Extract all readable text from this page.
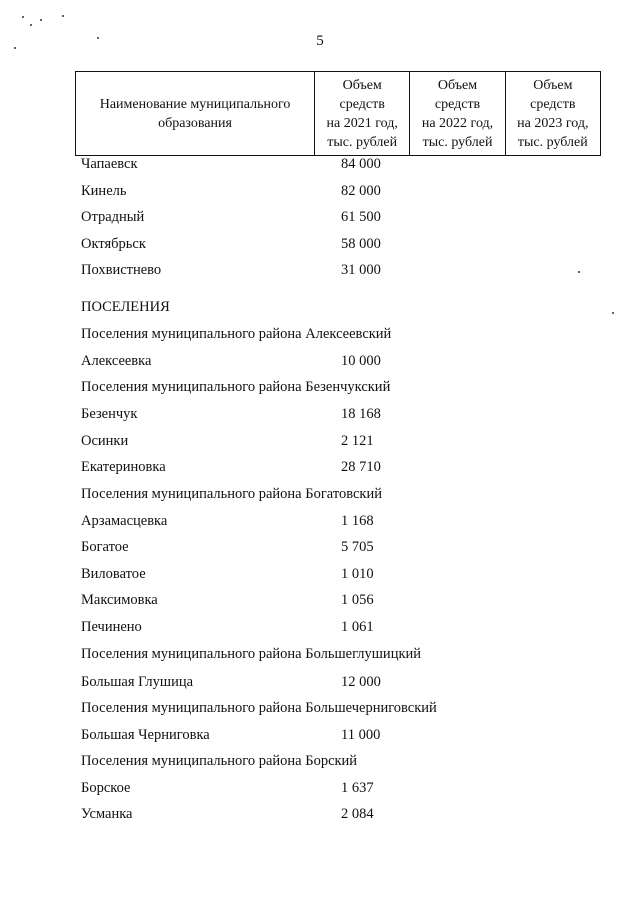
5
Наименование муниципального
образования

Объем
средств
на 2021 год,
тыс. рублей

Объем
средств
на 2022 год,
тыс. рублей

Объем
средств
на 2023 год,
тыс. рублей
Чапаевск	84 000
Кинель	82 000
Отрадный	61 500
Октябрьск	58 000
Похвистнево	31 000
ПОСЕЛЕНИЯ
Поселения муниципального района Алексеевский
Алексеевка	10 000
Поселения муниципального района Безенчукский
Безенчук	18 168
Осинки	2 121
Екатериновка	28 710
Поселения муниципального района Богатовский
Арзамасцевка	1 168
Богатое	5 705
Виловатое	1 010
Максимовка	1 056
Печинено	1 061
Поселения муниципального района Большеглушицкий
Большая Глушица	12 000
Поселения муниципального района Большечерниговский
Большая Черниговка	11 000
Поселения муниципального района Борский
Борское	1 637
Усманка	2 084
